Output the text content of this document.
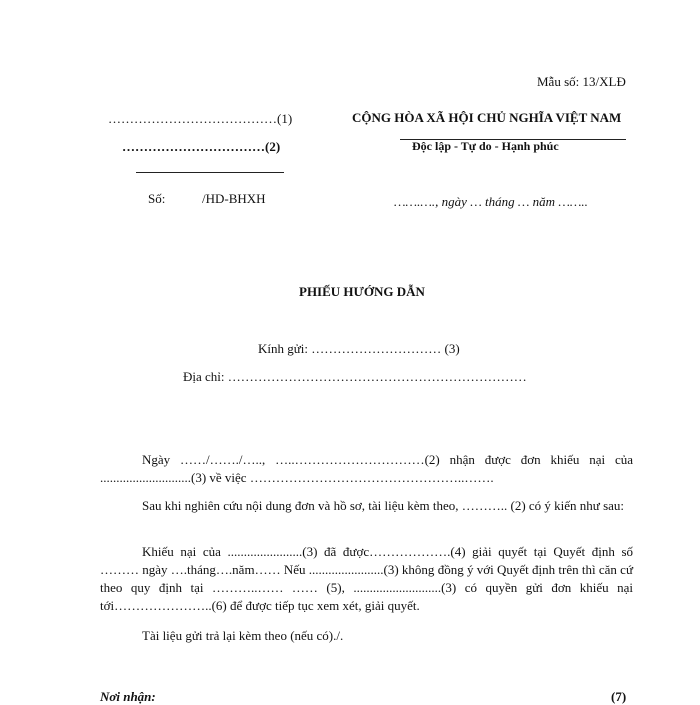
Mẫu số: 13/XLĐ
…………………………………(1)
……………………………(2)
Số:	/HD-BHXH
CỘNG HÒA XÃ HỘI CHỦ NGHĨA VIỆT NAM
Độc lập - Tự do - Hạnh phúc
…….…., ngày … tháng … năm ……..
PHIẾU HƯỚNG DẪN
Kính gửi: ………………………… (3)
Địa chỉ: ……………………………………………………………
Ngày ……/……./….., …..…………………………(2) nhận được đơn khiếu nại của ............................(3) về việc …………………………………………..…….
Sau khi nghiên cứu nội dung đơn và hồ sơ, tài liệu kèm theo, ……….. (2) có ý kiến như sau:
Khiếu nại của .......................(3) đã được……………….(4) giải quyết tại Quyết định số ……… ngày ….tháng….năm…… Nếu .......................(3) không đồng ý với Quyết định trên thì căn cứ theo quy định tại ………..…… …… (5), ...........................(3) có quyền gửi đơn khiếu nại tới…………………..(6) để được tiếp tục xem xét, giải quyết.
Tài liệu gửi trả lại kèm theo (nếu có)./.
Nơi nhận:	(7)
